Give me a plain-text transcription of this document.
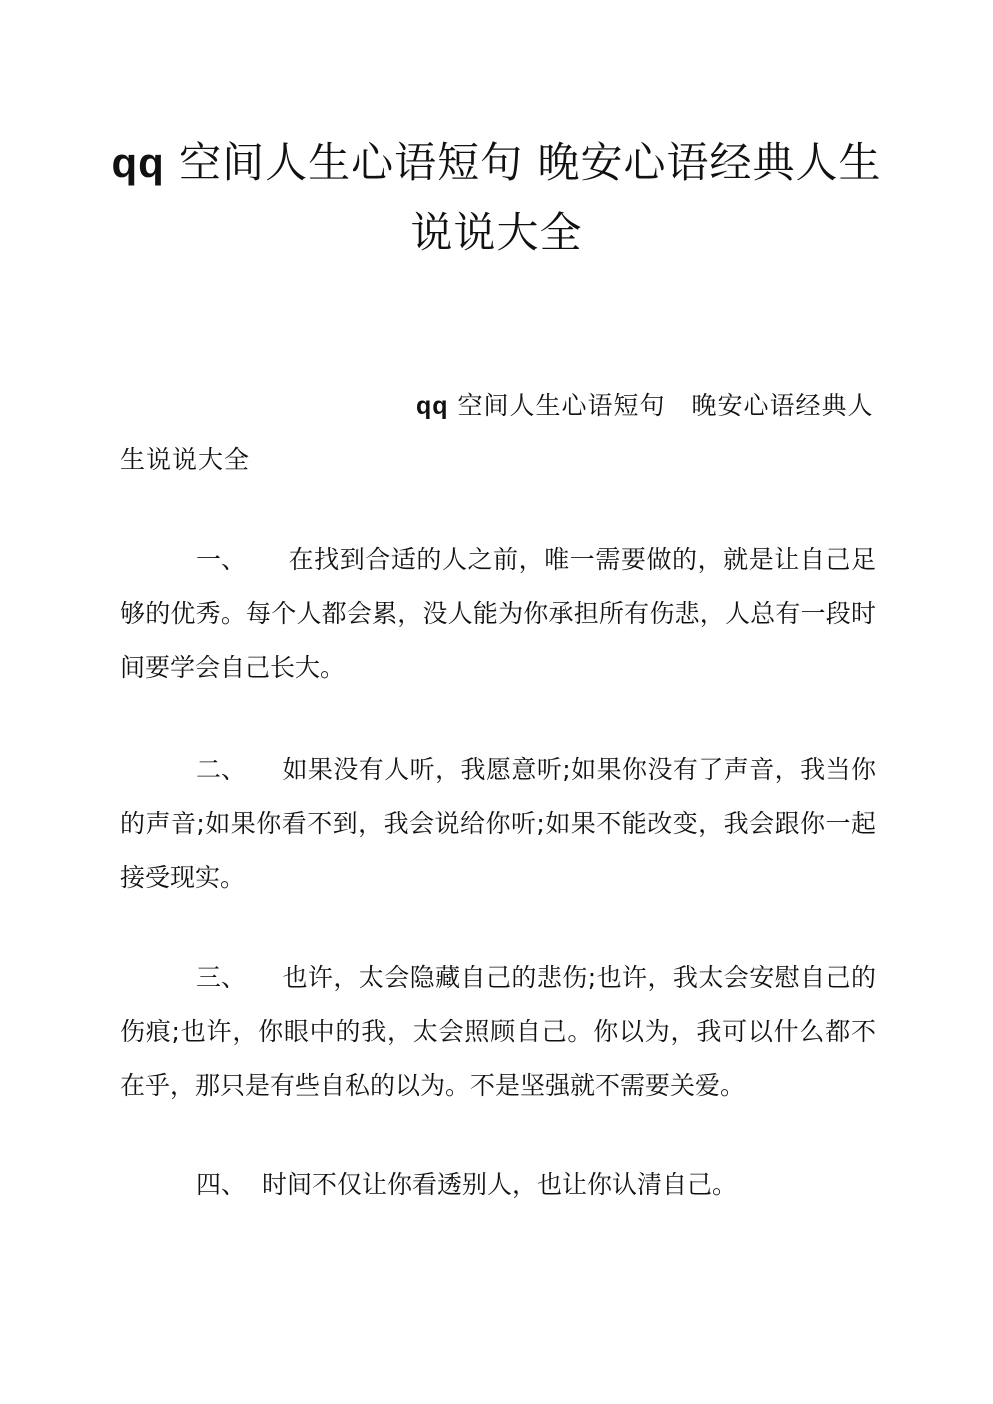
qq 空间人生心语短句 晚安心语经典人生说说大全

qq 空间人生心语短句　晚安心语经典人生说说大全

一、 在找到合适的人之前，唯一需要做的，就是让自己足够的优秀。每个人都会累，没人能为你承担所有伤悲，人总有一段时间要学会自己长大。

二、 如果没有人听，我愿意听;如果你没有了声音，我当你的声音;如果你看不到，我会说给你听;如果不能改变，我会跟你一起接受现实。

三、 也许，太会隐藏自己的悲伤;也许，我太会安慰自己的伤痕;也许，你眼中的我，太会照顾自己。你以为，我可以什么都不在乎，那只是有些自私的以为。不是坚强就不需要关爱。

四、 时间不仅让你看透别人，也让你认清自己。
